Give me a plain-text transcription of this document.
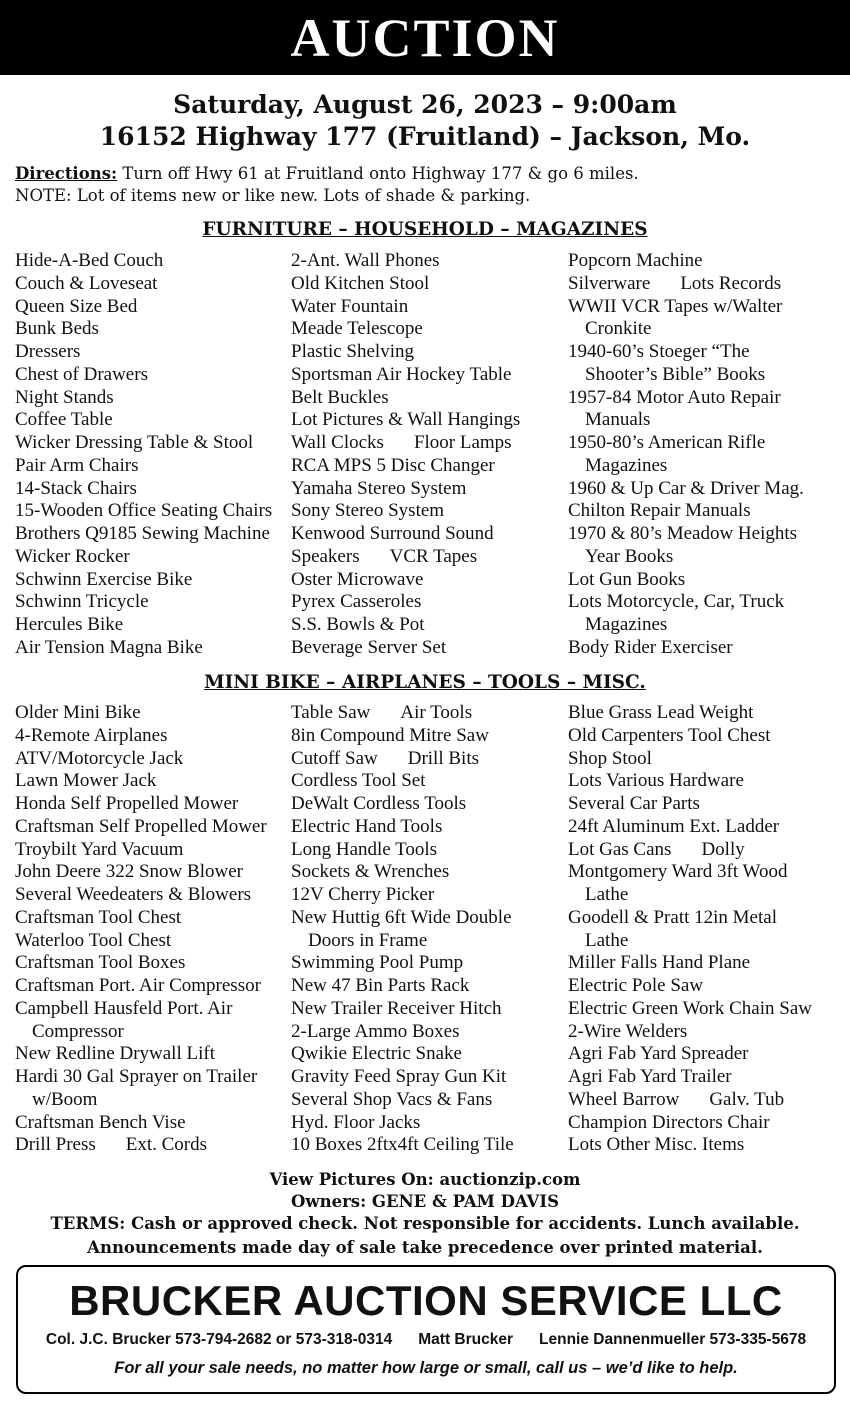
AUCTION
Saturday, August 26, 2023 – 9:00am
16152 Highway 177 (Fruitland) – Jackson, Mo.
Directions: Turn off Hwy 61 at Fruitland onto Highway 177 & go 6 miles.
NOTE: Lot of items new or like new. Lots of shade & parking.
FURNITURE – HOUSEHOLD – MAGAZINES
Hide-A-Bed Couch
Couch & Loveseat
Queen Size Bed
Bunk Beds
Dressers
Chest of Drawers
Night Stands
Coffee Table
Wicker Dressing Table & Stool
Pair Arm Chairs
14-Stack Chairs
15-Wooden Office Seating Chairs
Brothers Q9185 Sewing Machine
Wicker Rocker
Schwinn Exercise Bike
Schwinn Tricycle
Hercules Bike
Air Tension Magna Bike
2-Ant. Wall Phones
Old Kitchen Stool
Water Fountain
Meade Telescope
Plastic Shelving
Sportsman Air Hockey Table
Belt Buckles
Lot Pictures & Wall Hangings
Wall Clocks Floor Lamps
RCA MPS 5 Disc Changer
Yamaha Stereo System
Sony Stereo System
Kenwood Surround Sound
Speakers VCR Tapes
Oster Microwave
Pyrex Casseroles
S.S. Bowls & Pot
Beverage Server Set
Popcorn Machine
Silverware Lots Records
WWII VCR Tapes w/Walter
Cronkite
1940-60’s Stoeger “The
Shooter’s Bible” Books
1957-84 Motor Auto Repair
Manuals
1950-80’s American Rifle
Magazines
1960 & Up Car & Driver Mag.
Chilton Repair Manuals
1970 & 80’s Meadow Heights
Year Books
Lot Gun Books
Lots Motorcycle, Car, Truck
Magazines
Body Rider Exerciser
MINI BIKE – AIRPLANES – TOOLS – MISC.
Older Mini Bike
4-Remote Airplanes
ATV/Motorcycle Jack
Lawn Mower Jack
Honda Self Propelled Mower
Craftsman Self Propelled Mower
Troybilt Yard Vacuum
John Deere 322 Snow Blower
Several Weedeaters & Blowers
Craftsman Tool Chest
Waterloo Tool Chest
Craftsman Tool Boxes
Craftsman Port. Air Compressor
Campbell Hausfeld Port. Air
Compressor
New Redline Drywall Lift
Hardi 30 Gal Sprayer on Trailer
w/Boom
Craftsman Bench Vise
Drill Press Ext. Cords
Table Saw Air Tools
8in Compound Mitre Saw
Cutoff Saw Drill Bits
Cordless Tool Set
DeWalt Cordless Tools
Electric Hand Tools
Long Handle Tools
Sockets & Wrenches
12V Cherry Picker
New Huttig 6ft Wide Double
Doors in Frame
Swimming Pool Pump
New 47 Bin Parts Rack
New Trailer Receiver Hitch
2-Large Ammo Boxes
Qwikie Electric Snake
Gravity Feed Spray Gun Kit
Several Shop Vacs & Fans
Hyd. Floor Jacks
10 Boxes 2ftx4ft Ceiling Tile
Blue Grass Lead Weight
Old Carpenters Tool Chest
Shop Stool
Lots Various Hardware
Several Car Parts
24ft Aluminum Ext. Ladder
Lot Gas Cans Dolly
Montgomery Ward 3ft Wood
Lathe
Goodell & Pratt 12in Metal
Lathe
Miller Falls Hand Plane
Electric Pole Saw
Electric Green Work Chain Saw
2-Wire Welders
Agri Fab Yard Spreader
Agri Fab Yard Trailer
Wheel Barrow Galv. Tub
Champion Directors Chair
Lots Other Misc. Items
View Pictures On: auctionzip.com
Owners: GENE & PAM DAVIS
TERMS: Cash or approved check. Not responsible for accidents. Lunch available.
Announcements made day of sale take precedence over printed material.
BRUCKER AUCTION SERVICE LLC
Col. J.C. Brucker 573-794-2682 or 573-318-0314 Matt Brucker Lennie Dannenmueller 573-335-5678
For all your sale needs, no matter how large or small, call us – we’d like to help.
